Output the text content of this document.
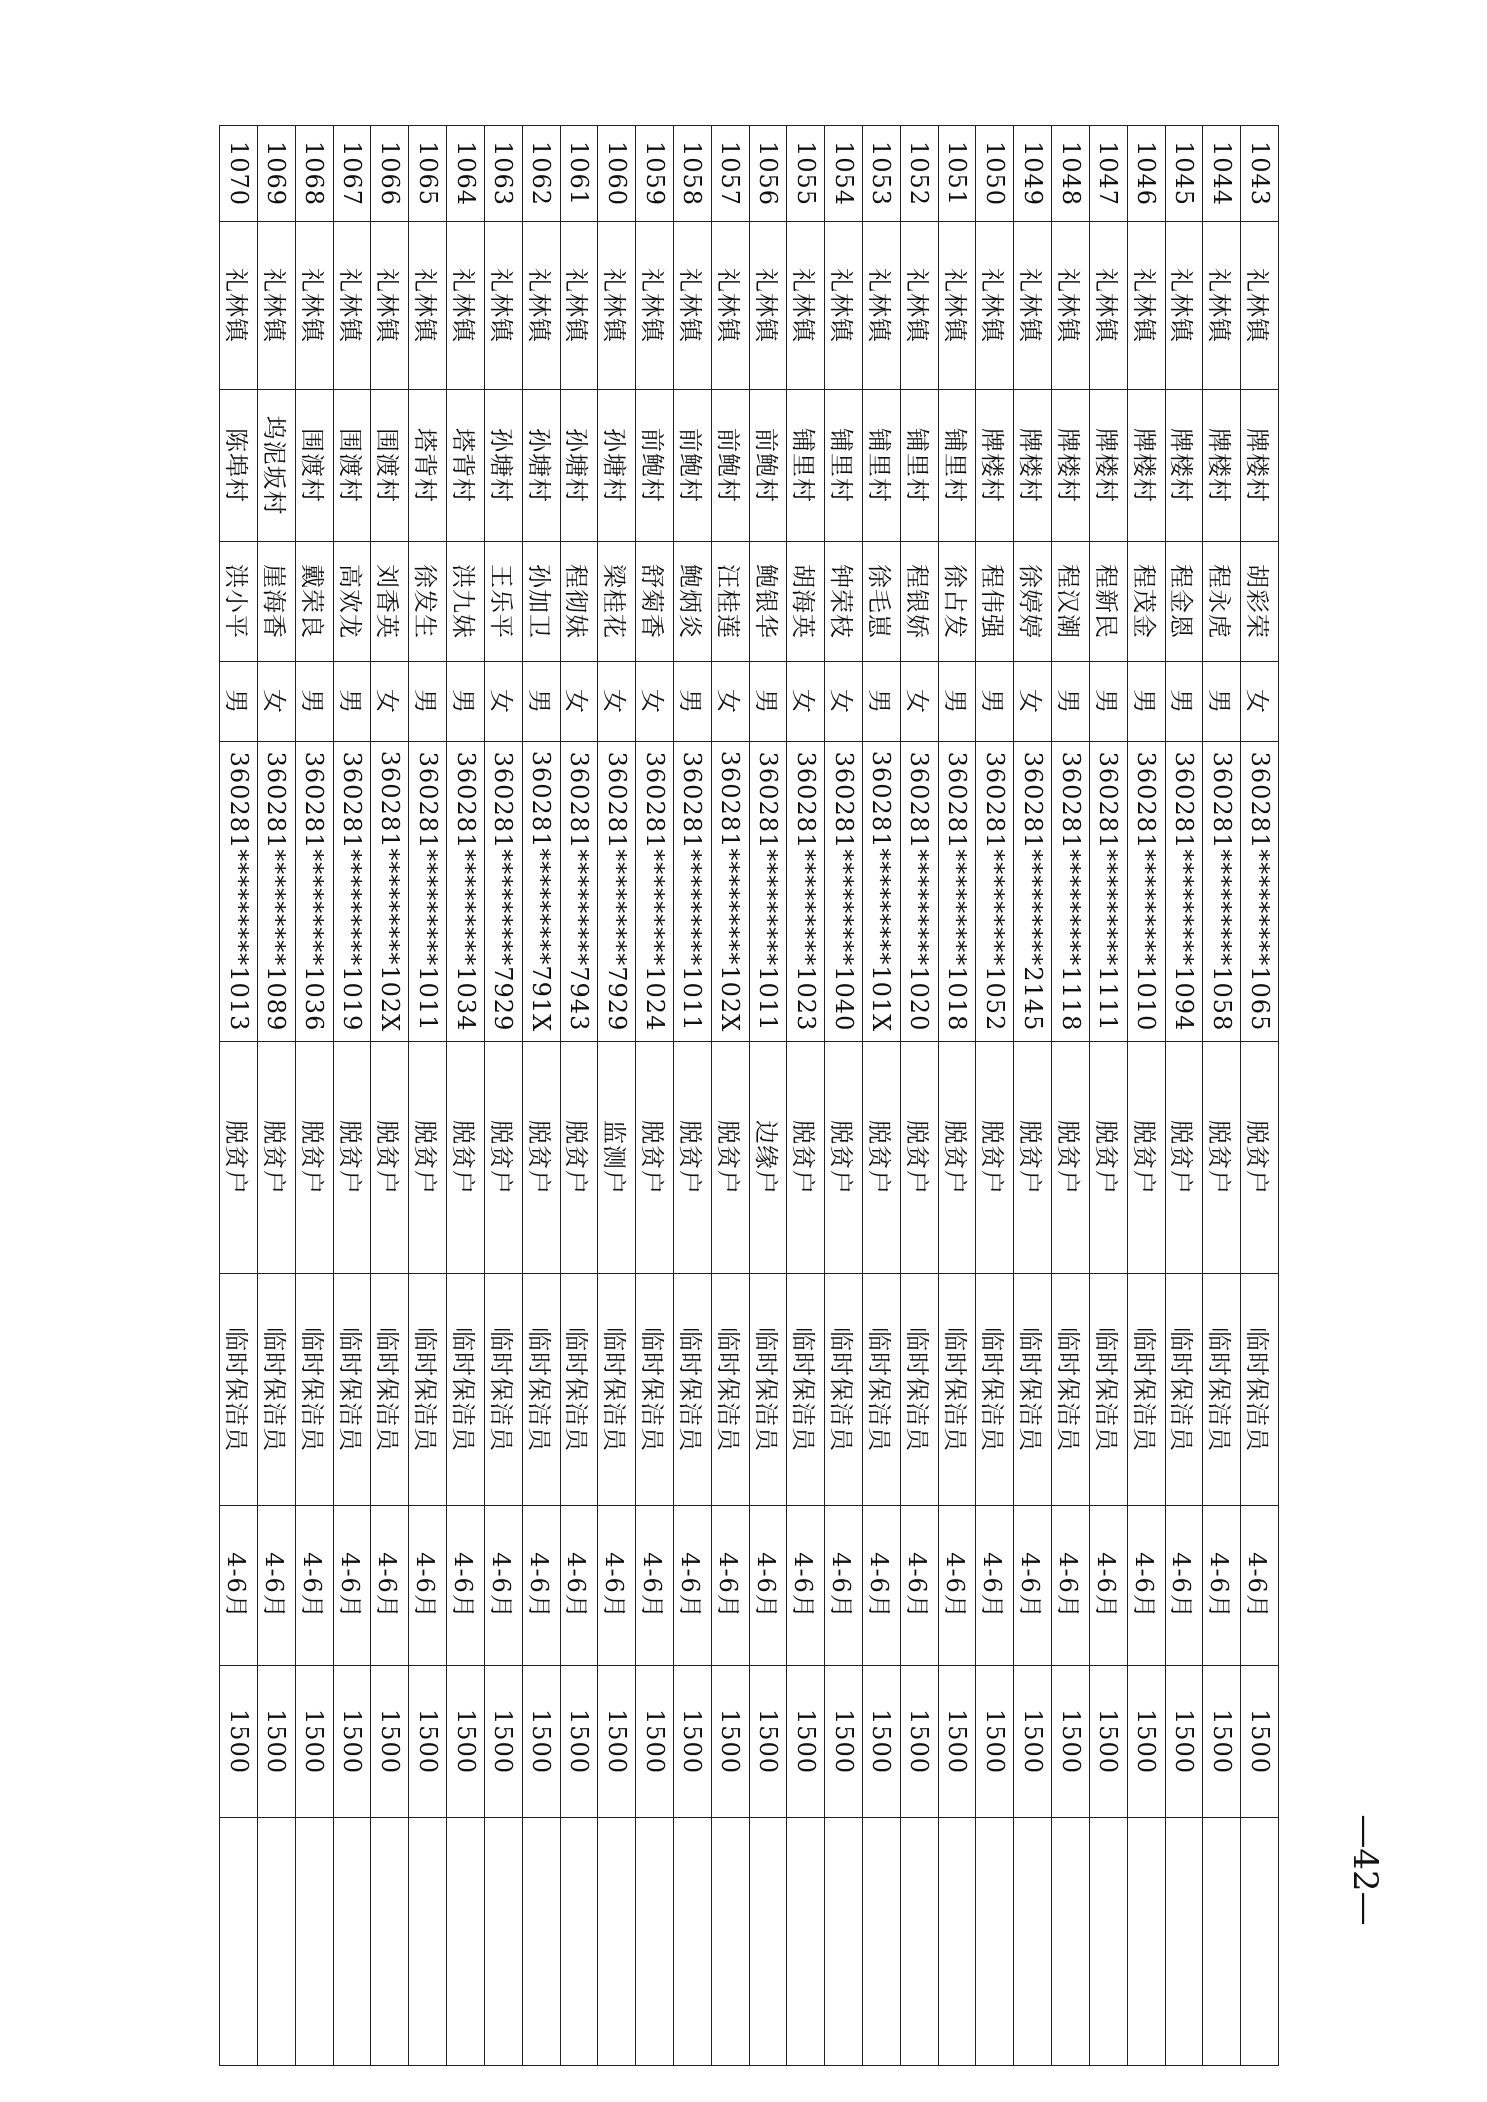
1043	礼林镇	牌楼村	胡彩荣	女	360281*********1065	脱贫户	临时保洁员	4-6月	1500	
1044	礼林镇	牌楼村	程永虎	男	360281*********1058	脱贫户	临时保洁员	4-6月	1500	
1045	礼林镇	牌楼村	程金恩	男	360281*********1094	脱贫户	临时保洁员	4-6月	1500	
1046	礼林镇	牌楼村	程茂金	男	360281*********1010	脱贫户	临时保洁员	4-6月	1500	
1047	礼林镇	牌楼村	程新民	男	360281*********1111	脱贫户	临时保洁员	4-6月	1500	
1048	礼林镇	牌楼村	程汉潮	男	360281*********1118	脱贫户	临时保洁员	4-6月	1500	
1049	礼林镇	牌楼村	徐婷婷	女	360281*********2145	脱贫户	临时保洁员	4-6月	1500	
1050	礼林镇	牌楼村	程伟强	男	360281*********1052	脱贫户	临时保洁员	4-6月	1500	
1051	礼林镇	铺里村	徐占发	男	360281*********1018	脱贫户	临时保洁员	4-6月	1500	
1052	礼林镇	铺里村	程银娇	女	360281*********1020	脱贫户	临时保洁员	4-6月	1500	
1053	礼林镇	铺里村	徐毛崽	男	360281*********101X	脱贫户	临时保洁员	4-6月	1500	
1054	礼林镇	铺里村	钟荣枝	女	360281*********1040	脱贫户	临时保洁员	4-6月	1500	
1055	礼林镇	铺里村	胡海英	女	360281*********1023	脱贫户	临时保洁员	4-6月	1500	
1056	礼林镇	前鲍村	鲍银华	男	360281*********1011	边缘户	临时保洁员	4-6月	1500	
1057	礼林镇	前鲍村	汪桂莲	女	360281*********102X	脱贫户	临时保洁员	4-6月	1500	
1058	礼林镇	前鲍村	鲍炳炎	男	360281*********1011	脱贫户	临时保洁员	4-6月	1500	
1059	礼林镇	前鲍村	舒菊香	女	360281*********1024	脱贫户	临时保洁员	4-6月	1500	
1060	礼林镇	孙塘村	梁桂花	女	360281*********7929	监测户	临时保洁员	4-6月	1500	
1061	礼林镇	孙塘村	程彻妹	女	360281*********7943	脱贫户	临时保洁员	4-6月	1500	
1062	礼林镇	孙塘村	孙加卫	男	360281*********791X	脱贫户	临时保洁员	4-6月	1500	
1063	礼林镇	孙塘村	王乐平	女	360281*********7929	脱贫户	临时保洁员	4-6月	1500	
1064	礼林镇	塔背村	洪九妹	男	360281*********1034	脱贫户	临时保洁员	4-6月	1500	
1065	礼林镇	塔背村	徐发生	男	360281*********1011	脱贫户	临时保洁员	4-6月	1500	
1066	礼林镇	围渡村	刘香英	女	360281*********102X	脱贫户	临时保洁员	4-6月	1500	
1067	礼林镇	围渡村	高欢龙	男	360281*********1019	脱贫户	临时保洁员	4-6月	1500	
1068	礼林镇	围渡村	戴荣良	男	360281*********1036	脱贫户	临时保洁员	4-6月	1500	
1069	礼林镇	坞泥坂村	崖海香	女	360281*********1089	脱贫户	临时保洁员	4-6月	1500	
1070	礼林镇	陈埠村	洪小平	男	360281*********1013	脱贫户	临时保洁员	4-6月	1500	
—42—
